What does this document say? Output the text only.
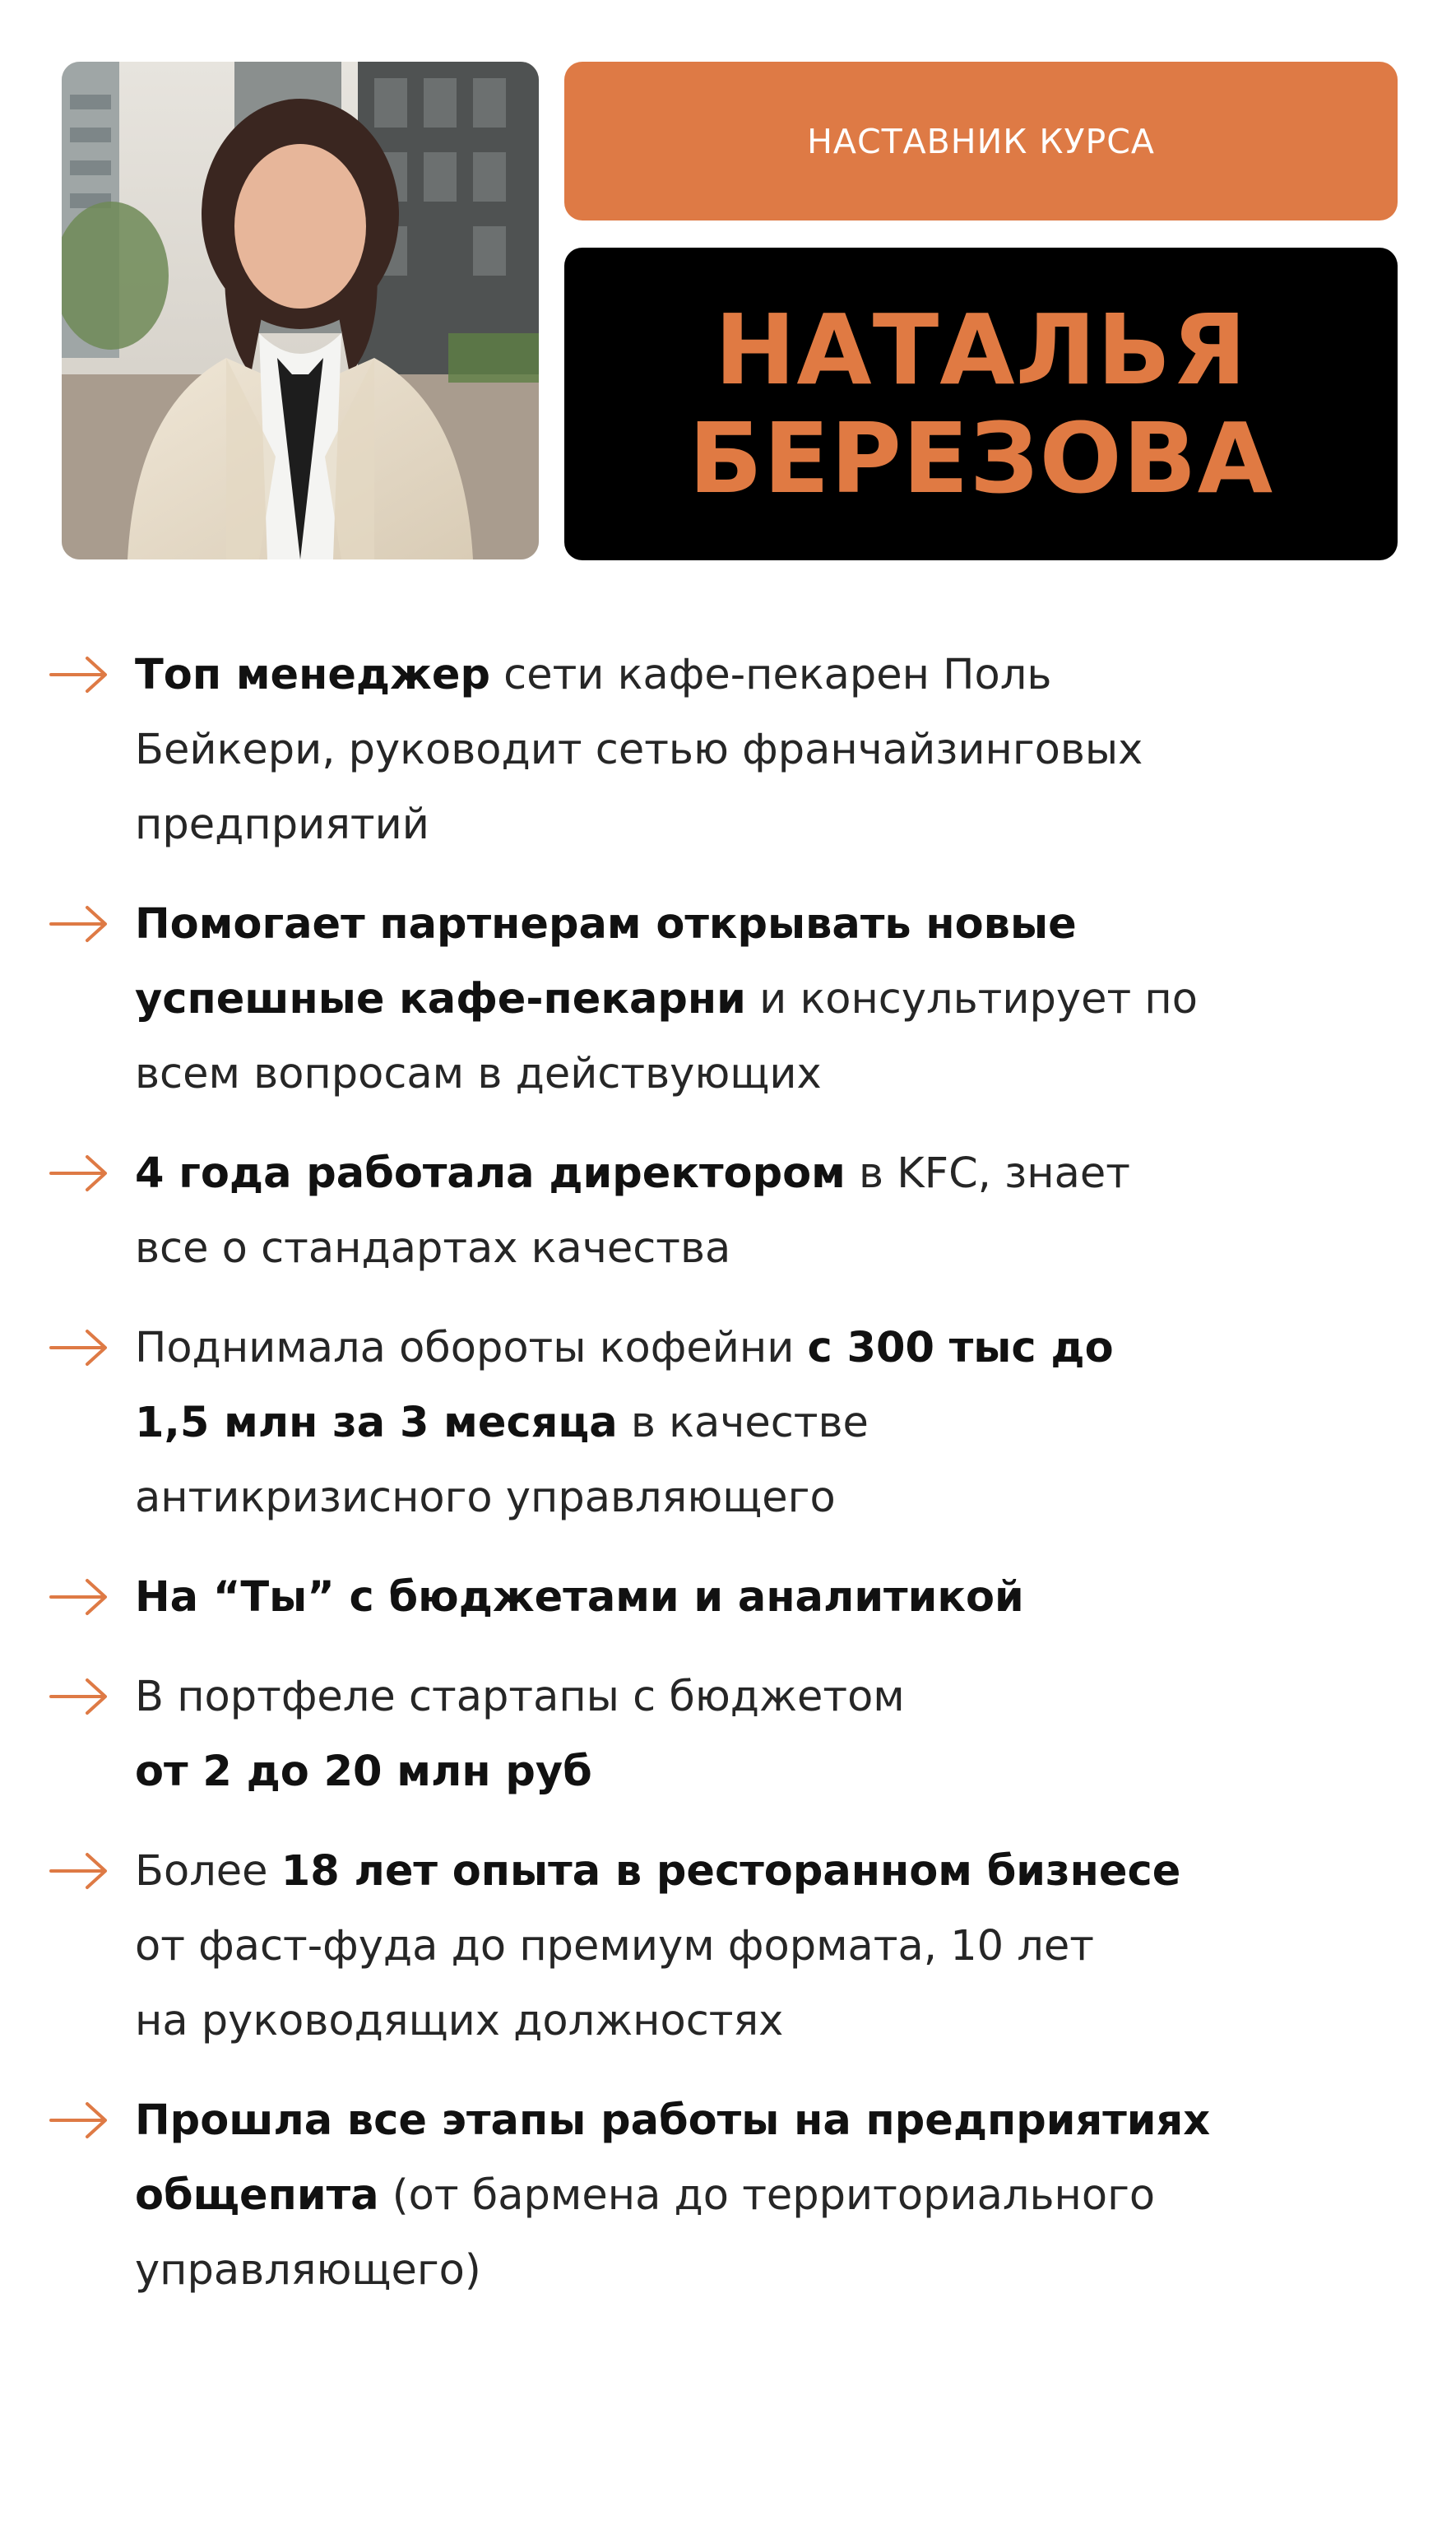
НАСТАВНИК КУРСА
НАТАЛЬЯ
БЕРЕЗОВА
Топ менеджер сети кафе-пекарен Поль
Бейкери, руководит сетью франчайзинговых
предприятий
Помогает партнерам открывать новые
успешные кафе-пекарни и консультирует по
всем вопросам в действующих
4 года работала директором в KFC, знает
все о стандартах качества
Поднимала обороты кофейни с 300 тыс до
1,5 млн за 3 месяца в качестве
антикризисного управляющего
На “Ты” с бюджетами и аналитикой
В портфеле стартапы с бюджетом
от 2 до 20 млн руб
Более 18 лет опыта в ресторанном бизнесе
от фаст-фуда до премиум формата, 10 лет
на руководящих должностях
Прошла все этапы работы на предприятиях
общепита (от бармена до территориального
управляющего)
